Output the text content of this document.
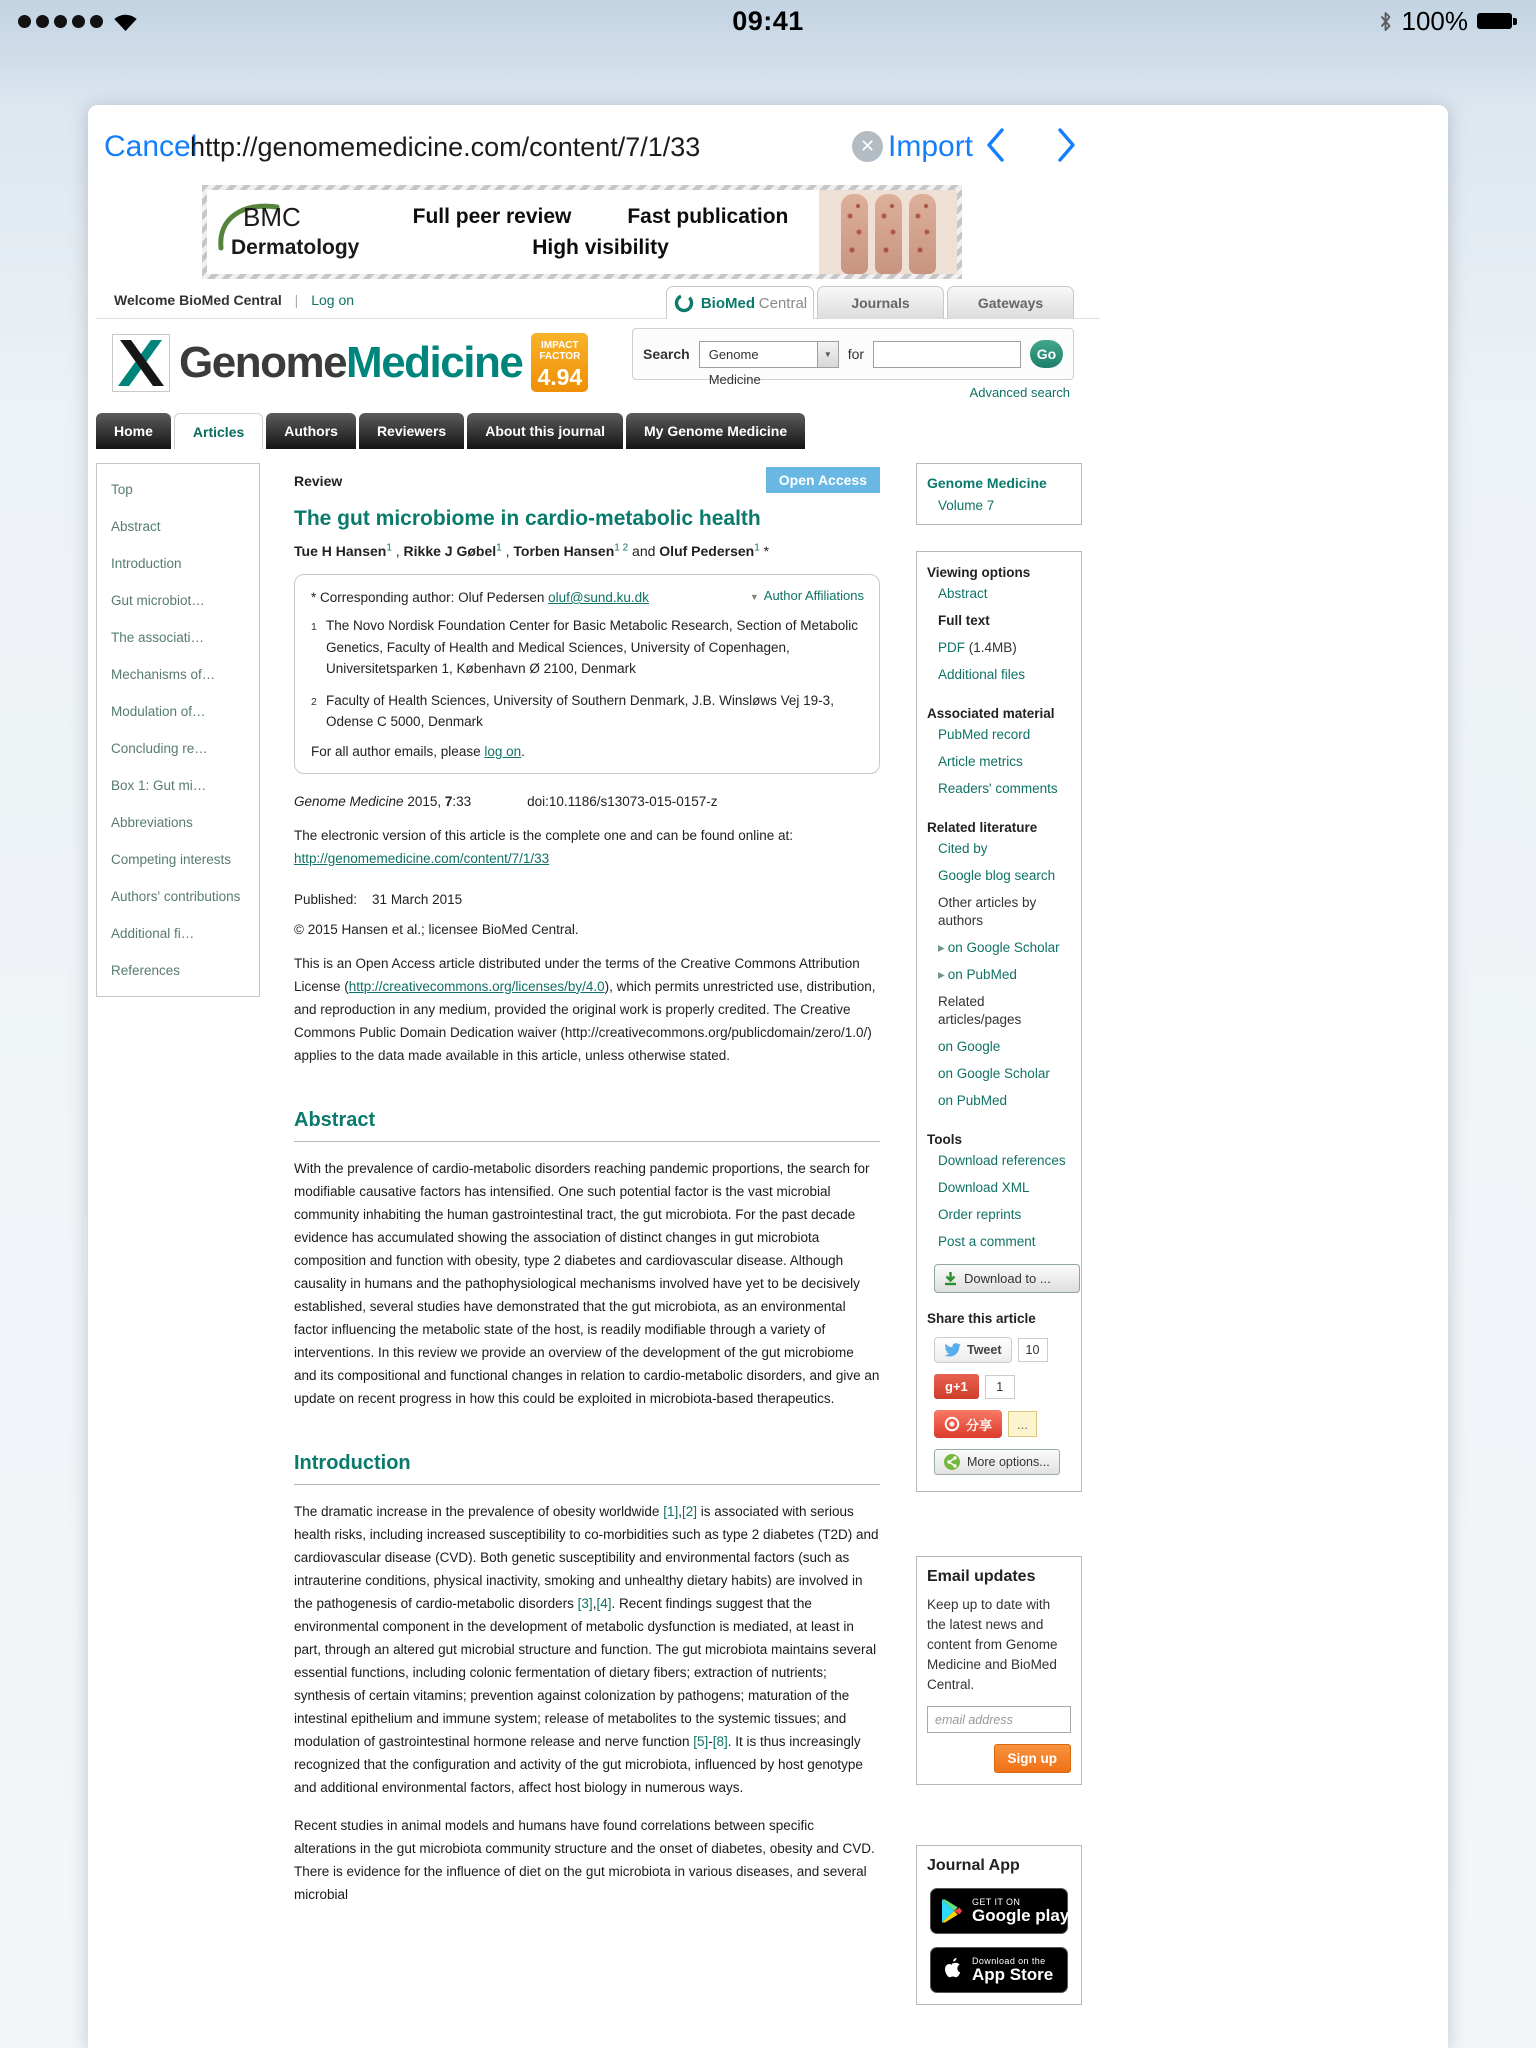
09:41	100%
Cancel
http://genomemedicine.com/content/7/1/33	✕ Import
BMC
Dermatology
Full peer review	Fast publication
High visibility
Welcome BioMed Central | Log on	BioMed Central	Journals	Gateways
GenomeMedicine	IMPACT
FACTOR
4.94
Search	Genome Medicine
▼	for	Go
Advanced search
Home	Articles	Authors	Reviewers	About this journal	My Genome Medicine
Top
Abstract
Introduction
Gut microbiot…
The associati…
Mechanisms of…
Modulation of…
Concluding re…
Box 1: Gut mi…
Abbreviations
Competing interests
Authors' contributions
Additional fi…
References
Review	Open Access
The gut microbiome in cardio-metabolic health
Tue H Hansen$^1$ , Rikke J Gøbel$^1$ , Torben Hansen$^{1 2}$ and Oluf Pedersen$^1$ *
* Corresponding author: Oluf Pedersen oluf@sund.ku.dk	▼ Author Affiliations
1 The Novo Nordisk Foundation Center for Basic Metabolic Research, Section of Metabolic Genetics, Faculty of Health and Medical Sciences, University of Copenhagen, Universitetsparken 1, København Ø 2100, Denmark
2 Faculty of Health Sciences, University of Southern Denmark, J.B. Winsløws Vej 19-3, Odense C 5000, Denmark
For all author emails, please log on.
Genome Medicine 2015, 7:33	doi:10.1186/s13073-015-0157-z
The electronic version of this article is the complete one and can be found online at: http://genomemedicine.com/content/7/1/33
Published: 31 March 2015
© 2015 Hansen et al.; licensee BioMed Central.
This is an Open Access article distributed under the terms of the Creative Commons Attribution License (http://creativecommons.org/licenses/by/4.0), which permits unrestricted use, distribution, and reproduction in any medium, provided the original work is properly credited. The Creative Commons Public Domain Dedication waiver (http://creativecommons.org/publicdomain/zero/1.0/) applies to the data made available in this article, unless otherwise stated.
Abstract

With the prevalence of cardio-metabolic disorders reaching pandemic proportions, the search for modifiable causative factors has intensified. One such potential factor is the vast microbial community inhabiting the human gastrointestinal tract, the gut microbiota. For the past decade evidence has accumulated showing the association of distinct changes in gut microbiota composition and function with obesity, type 2 diabetes and cardiovascular disease. Although causality in humans and the pathophysiological mechanisms involved have yet to be decisively established, several studies have demonstrated that the gut microbiota, as an environmental factor influencing the metabolic state of the host, is readily modifiable through a variety of interventions. In this review we provide an overview of the development of the gut microbiome and its compositional and functional changes in relation to cardio-metabolic disorders, and give an update on recent progress in how this could be exploited in microbiota-based therapeutics.

Introduction

The dramatic increase in the prevalence of obesity worldwide [1],[2] is associated with serious health risks, including increased susceptibility to co-morbidities such as type 2 diabetes (T2D) and cardiovascular disease (CVD). Both genetic susceptibility and environmental factors (such as intrauterine conditions, physical inactivity, smoking and unhealthy dietary habits) are involved in the pathogenesis of cardio-metabolic disorders [3],[4]. Recent findings suggest that the environmental component in the development of metabolic dysfunction is mediated, at least in part, through an altered gut microbial structure and function. The gut microbiota maintains several essential functions, including colonic fermentation of dietary fibers; extraction of nutrients; synthesis of certain vitamins; prevention against colonization by pathogens; maturation of the intestinal epithelium and immune system; release of metabolites to the systemic tissues; and modulation of gastrointestinal hormone release and nerve function [5]-[8]. It is thus increasingly recognized that the configuration and activity of the gut microbiota, influenced by host genotype and additional environmental factors, affect host biology in numerous ways.

Recent studies in animal models and humans have found correlations between specific alterations in the gut microbiota community structure and the onset of diabetes, obesity and CVD. There is evidence for the influence of diet on the gut microbiota in various diseases, and several microbial

Genome Medicine
Volume 7
Viewing options
Abstract
Full text
PDF (1.4MB)
Additional files
Associated material
PubMed record
Article metrics
Readers' comments
Related literature
Cited by
Google blog search
Other articles by authors
▸ on Google Scholar
▸ on PubMed
Related articles/pages
on Google
on Google Scholar
on PubMed
Tools
Download references
Download XML
Order reprints
Post a comment
Download to ...
Share this article
Tweet	10
g+1	1
分享	...
More options...
Email updates
Keep up to date with the latest news and content from Genome Medicine and BioMed Central.
email address
Sign up
Journal App
GET IT ON
Google play
Download on the
App Store
